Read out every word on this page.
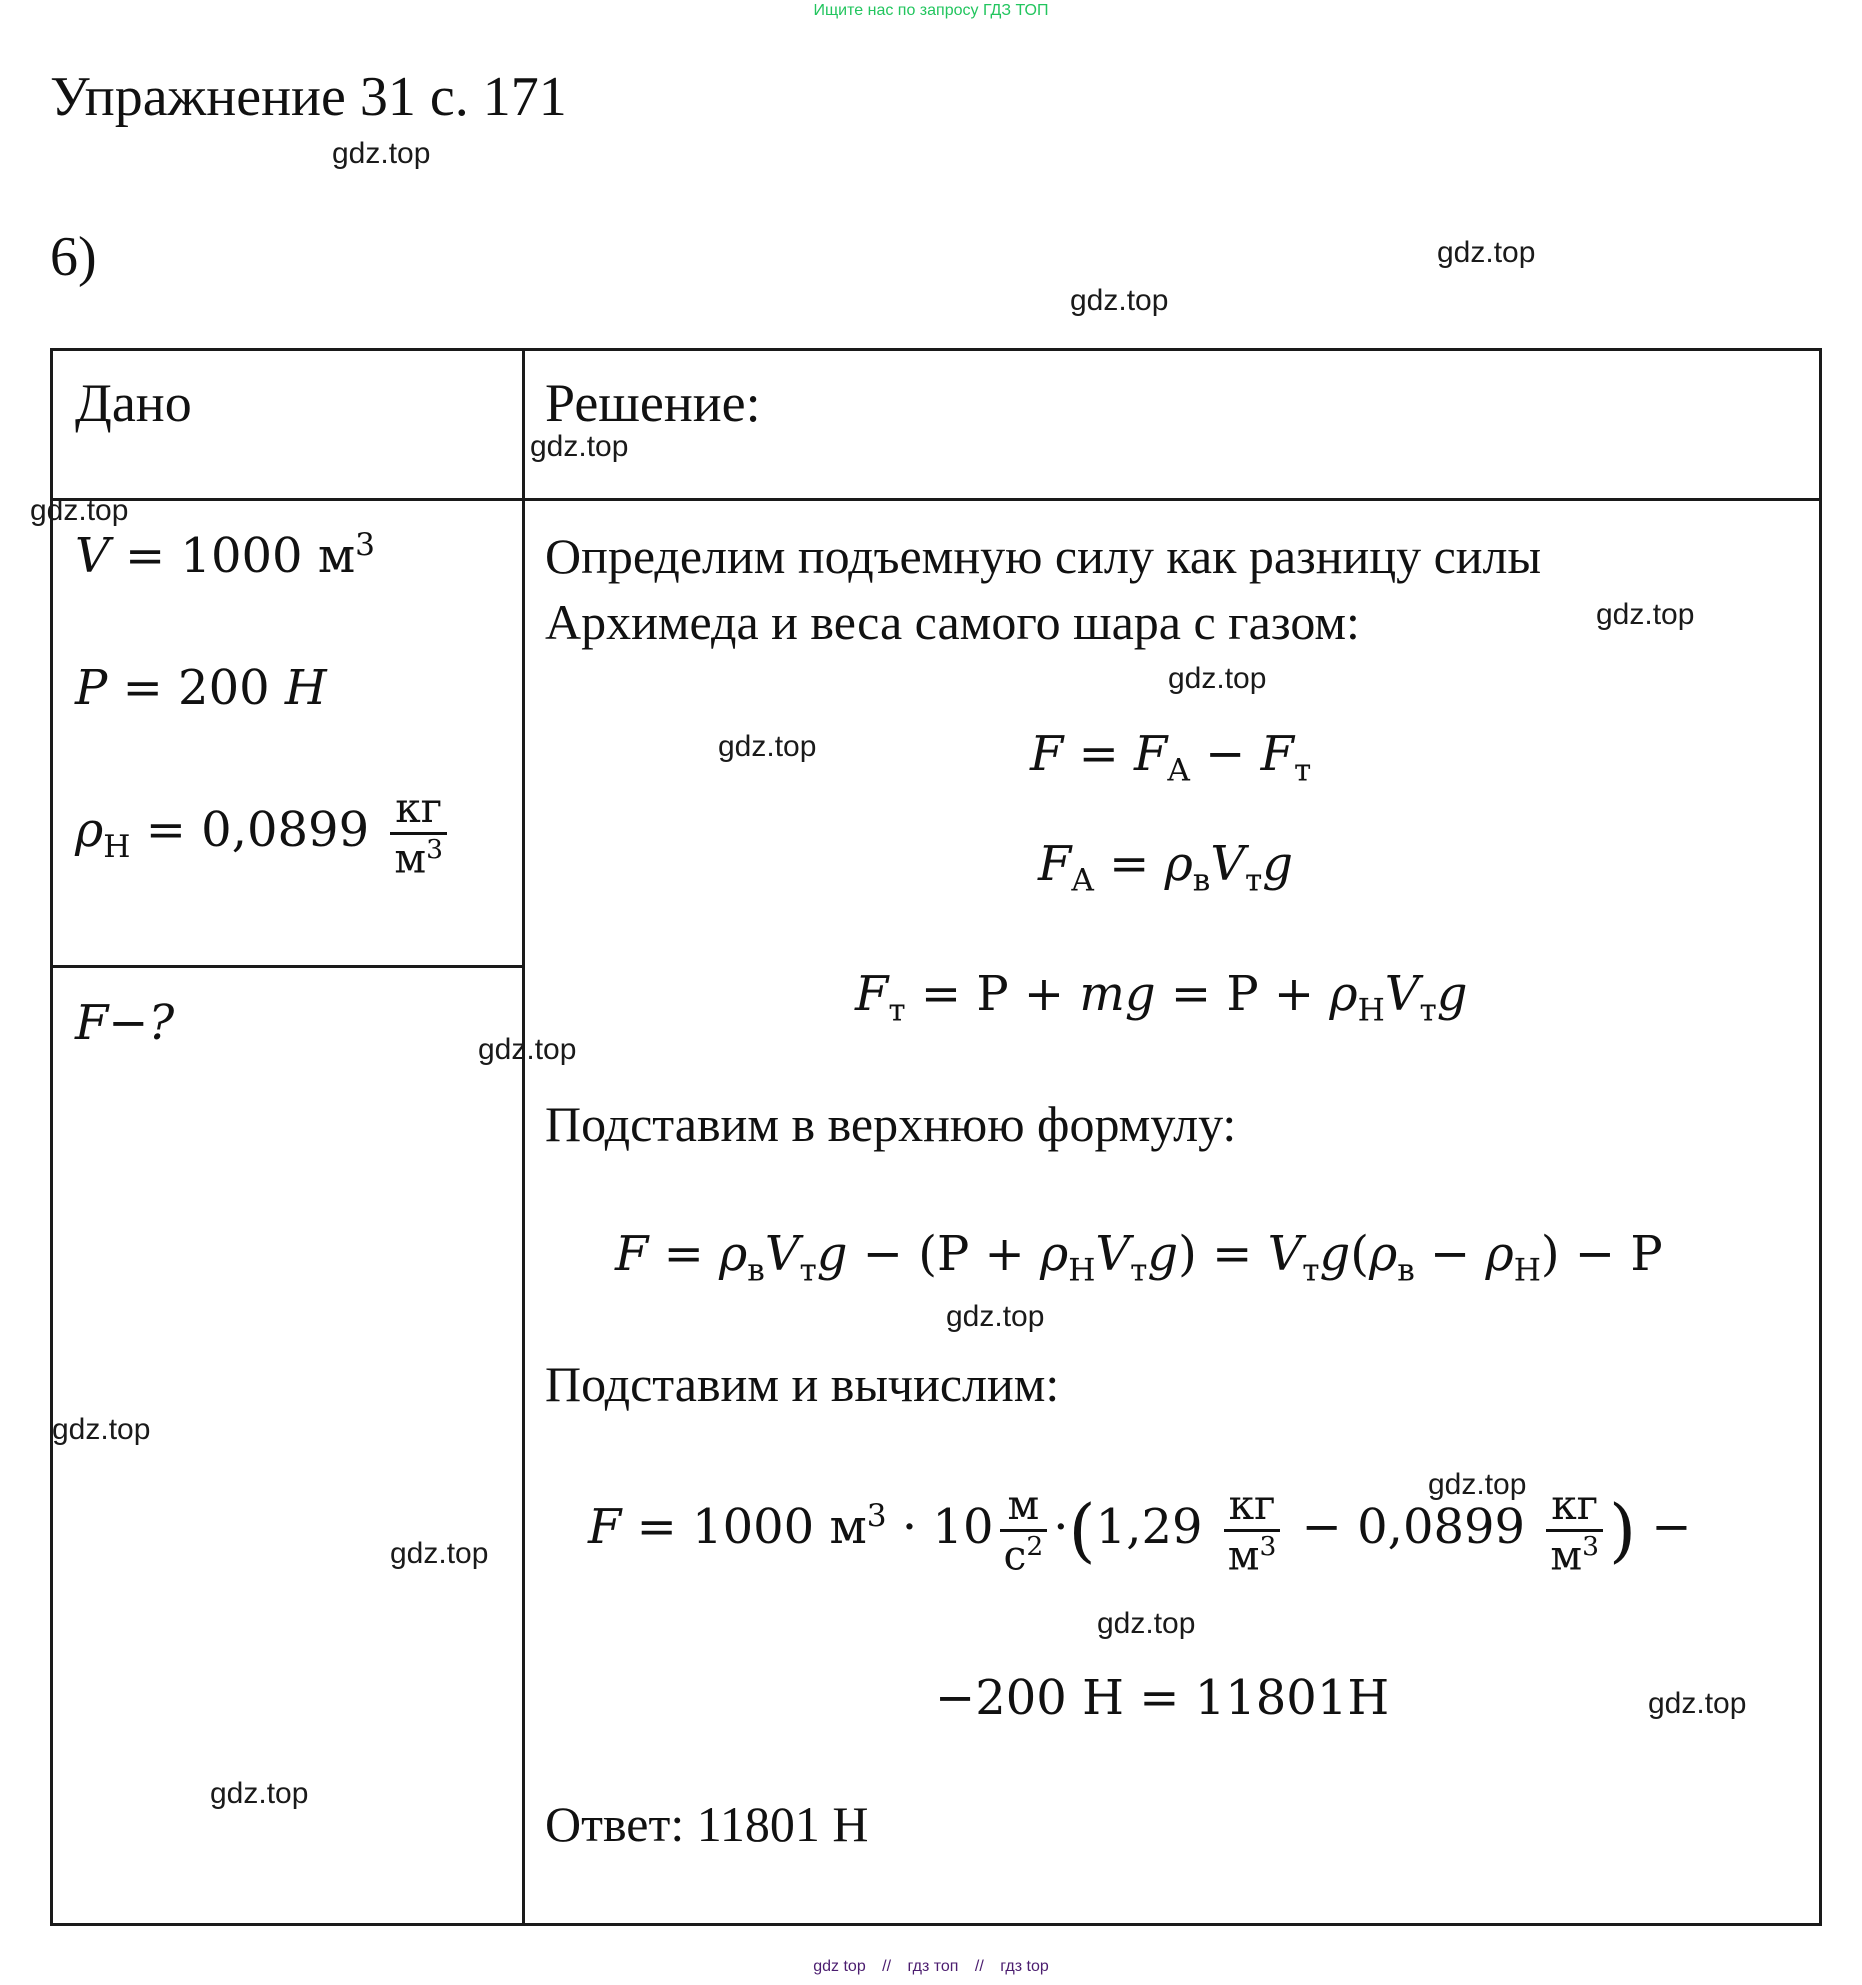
Ищите нас по запросу ГДЗ ТОП
Упражнение 31 с. 171
gdz.top
6)	gdz.top
gdz.top
Дано	Решение:
gdz.top
gdz.top
V = 1000 $м^3$
P = 200 H
$\rho_Н = 0,0899 \frac{кг}{м^3}$
F−?	gdz.top
gdz.top
gdz.top
gdz.top
Определим подъемную силу как разницу силы
Архимеда и веса самого шара с газом:	gdz.top
gdz.top
gdz.top	$F = F_A - F_т$
$F_A = \rho_вV_тg$
$F_т = P$ + mg = $P + \rho_НV_тg$
Подставим в верхнюю формулу:
$F = \rho_вV_тg - (P + \rho_НV_тg) = V_тg(\rho_в - \rho_Н) - P$
gdz.top
Подставим и вычислим:
gdz.top
F = 1000 $м^3 \cdot 10 \frac{м}{с^2} \cdot(1,29 \frac{кг}{м^3} - 0,0899 \frac{кг}{м^3}$ ) −
gdz.top
−200 Н = 11801Н	gdz.top
Ответ: 11801 Н
gdz top // гдз топ // гдз top
